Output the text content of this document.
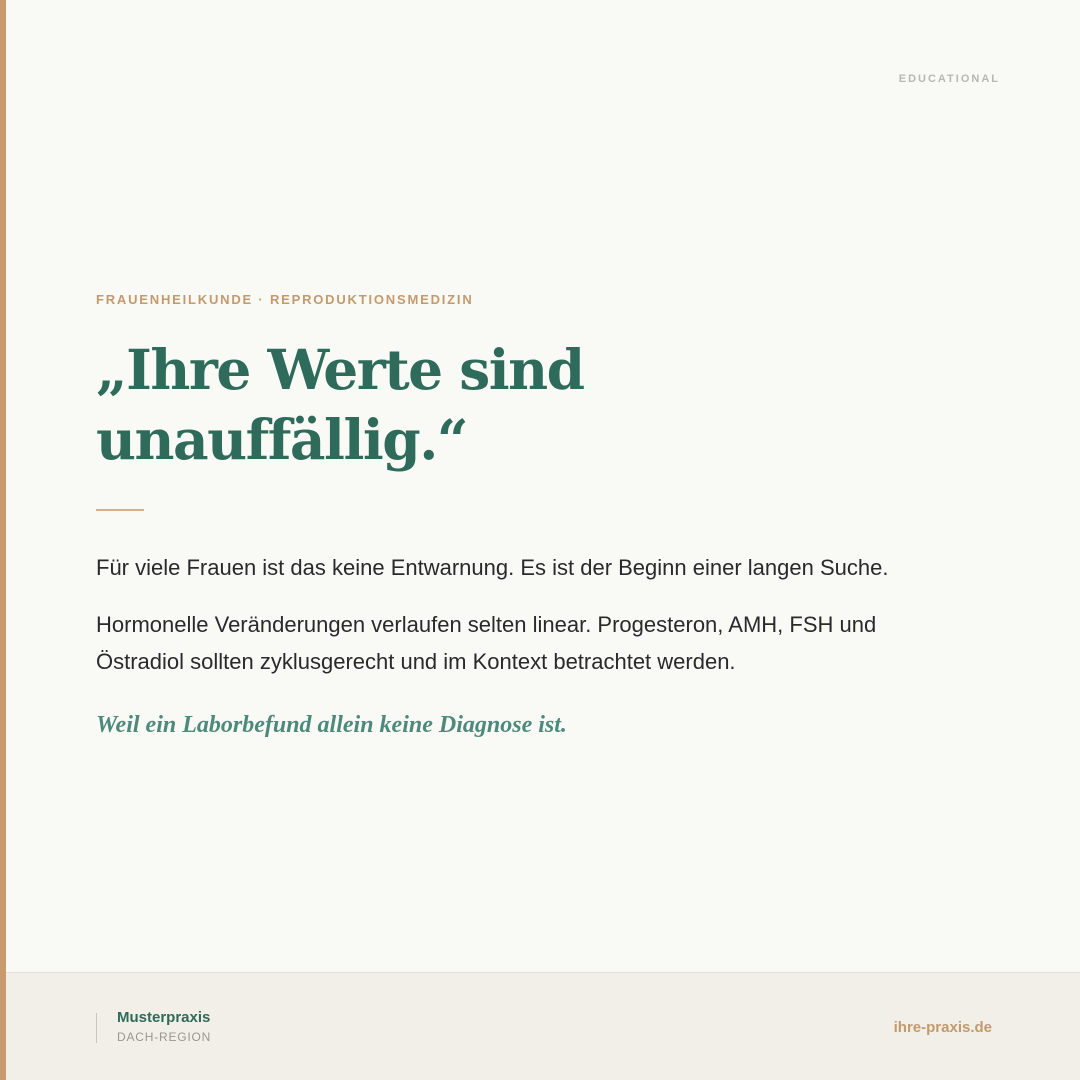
EDUCATIONAL
FRAUENHEILKUNDE · REPRODUKTIONSMEDIZIN
„Ihre Werte sind unauffällig.“

Für viele Frauen ist das keine Entwarnung. Es ist der Beginn einer langen Suche.

Hormonelle Veränderungen verlaufen selten linear. Progesteron, AMH, FSH und Östradiol sollten zyklusgerecht und im Kontext betrachtet werden.

Weil ein Laborbefund allein keine Diagnose ist.

Musterpraxis
DACH-REGION
ihre-praxis.de
